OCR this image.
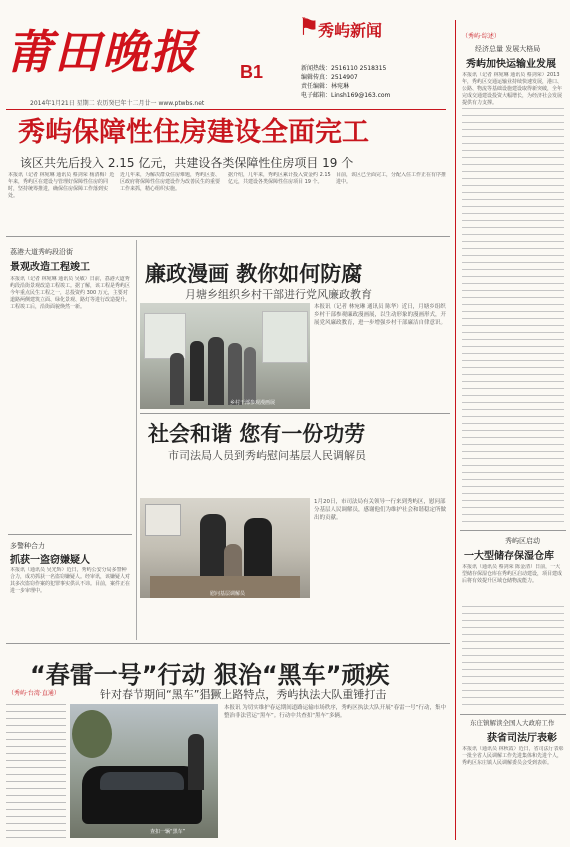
莆田晚报	B1
2014年1月21日 星期二 农历癸巳年十二月廿一 www.ptwbs.net
⚑
秀屿新闻
新闻热线： 2516110 2518315
编辑传真： 2514907
责任编辑： 林宛琳
电子邮箱： Linsh169@163.com
秀屿保障性住房建设全面完工
该区共先后投入 2.15 亿元，共建设各类保障性住房项目 19 个
本报讯（记者 林宛琳 通讯员 蔡剑荣 杨清梅）近年来，秀屿区在建设与管理好保障性住房的同时，坚持统筹推进，确保住房保障工作落到实处。
近几年来，为解决群众住房难题，秀屿区委、区政府将保障性住房建设作为改善民生的重要工作来抓，精心组织实施。
据介绍，几年来，秀屿区累计投入资金约 2.15 亿元，共建设各类保障性住房项目 19 个。
目前，该区已全面完工，分配入住工作正在有序推进中。
荔港大道秀屿段沿街
景观改造工程竣工
本报讯（记者 林宛琳 通讯员 吴敏）日前，荔港大道秀屿段沿街景观改造工程竣工。据了解，该工程是秀屿区今年重点民生工程之一，总投资约 300 万元，主要对道路两侧建筑立面、绿化景观、路灯等进行改造提升。工程竣工后，沿街面貌焕然一新。
多警种合力
抓获一盗窃嫌疑人
本报讯（通讯员 吴光辉）近日，秀屿公安分局多警种合力，成功抓获一名盗窃嫌疑人。经审讯，该嫌疑人对其多次盗窃作案的犯罪事实供认不讳。目前，案件正在进一步审理中。
廉政漫画 教你如何防腐
月塘乡组织乡村干部进行党风廉政教育
乡村干部参观漫画展
本报讯（记者 林宛琳 通讯员 陈华）近日，月塘乡组织乡村干部参观廉政漫画展，以生动形象的漫画形式，开展党风廉政教育，进一步增强乡村干部廉洁自律意识。
社会和谐 您有一份功劳
市司法局人员到秀屿慰问基层人民调解员
慰问基层调解员
1月20日，市司法局有关领导一行来到秀屿区，慰问部分基层人民调解员，感谢他们为维护社会和谐稳定所做出的贡献。
“春雷一号”行动 狠治“黑车”顽疾
（秀屿·台湾·直通）	针对春节期间“黑车”猖獗上路特点，秀屿执法大队重锤打击
查扣一辆“黑车”
本报讯 为切实维护春运期间道路运输市场秩序，秀屿区执法大队开展“春雷一号”行动，集中整治非法营运“黑车”。行动中共查扣“黑车”多辆。
（秀屿·综述）
经济总量 发展大格局
秀屿加快运输业发展
本报讯（记者 林宛琳 通讯员 蔡剑荣）2013年，秀屿区交通运输业持续快速发展，港口、公路、物流等基础设施建设取得新突破，全年完成交通建设投资大幅增长，为经济社会发展提供有力支撑。
秀屿区启动
一大型储存保湿仓库
本报讯（通讯员 蔡剑荣 陈金清）日前，一大型储存保湿仓库在秀屿区启动建设，项目建成后将有效提升区域仓储物流能力。
东庄镇解读全国人大政府工作
获省司法厅表彰
本报讯（通讯员 林秋霞）近日，省司法厅表彰一批全省人民调解工作先进集体和先进个人，秀屿区东庄镇人民调解委员会受到表彰。
